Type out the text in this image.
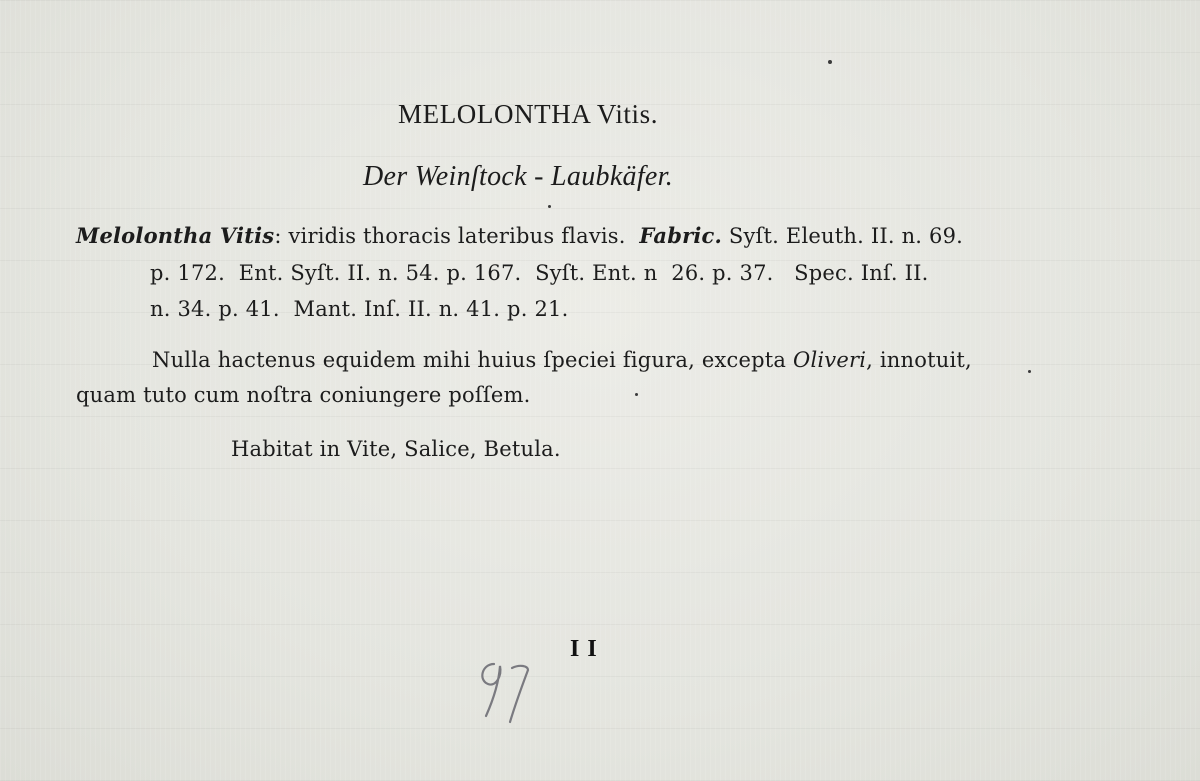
MELOLONTHA Vitis.
Der Weinſtock - Laubkäfer.
Melolontha Vitis: viridis thoracis lateribus flavis. Fabric. Syſt. Eleuth. II. n. 69.
p. 172.  Ent. Syſt. II. n. 54. p. 167.  Syſt. Ent. n  26. p. 37.   Spec. Inſ. II.
n. 34. p. 41.  Mant. Inſ. II. n. 41. p. 21.
Nulla hactenus equidem mihi huius ſpeciei figura, excepta Oliveri, innotuit,
quam tuto cum noſtra coniungere poſſem.
Habitat in Vite, Salice, Betula.
I I
